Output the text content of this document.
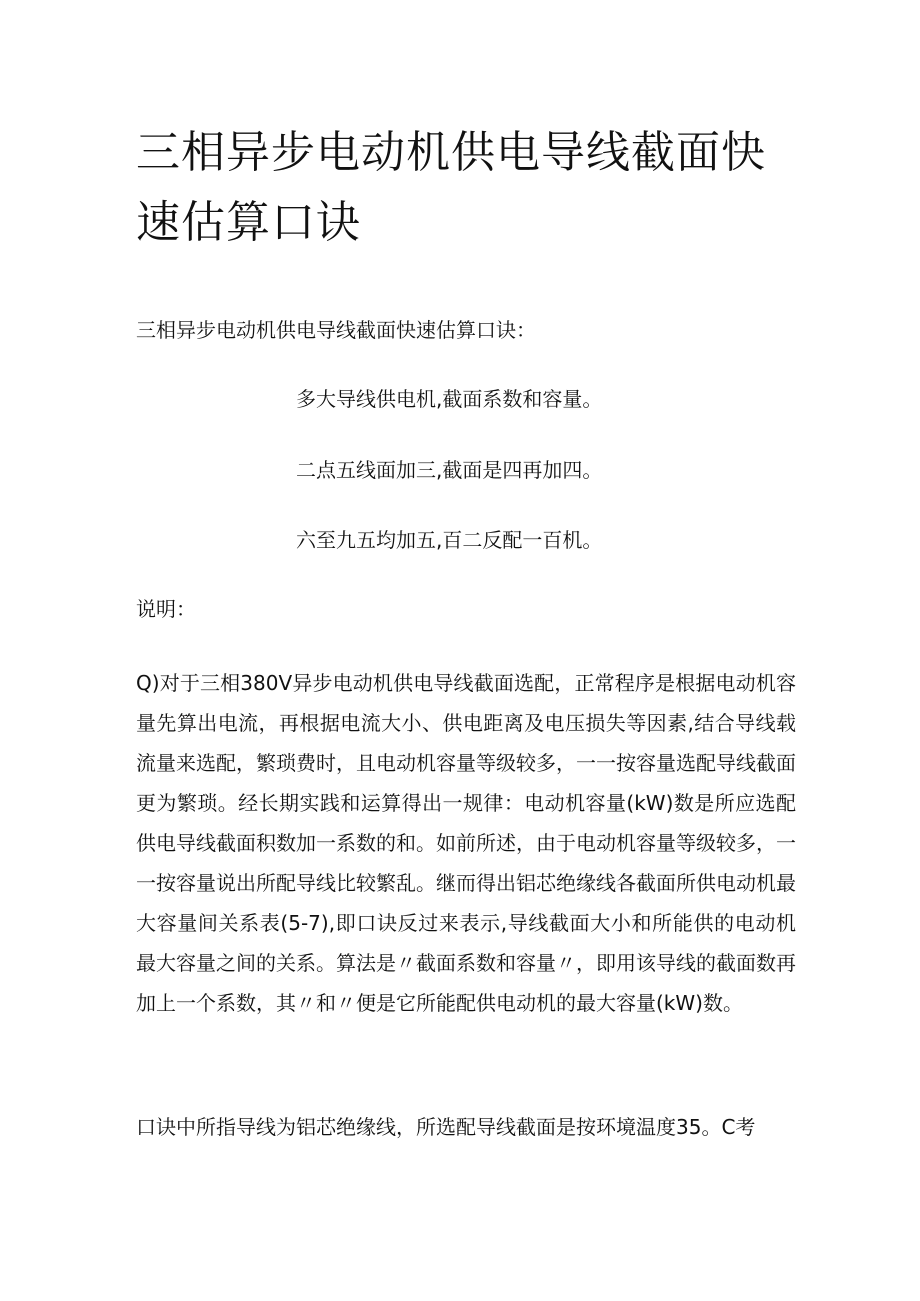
三相异步电动机供电导线截面快速估算口诀
三相异步电动机供电导线截面快速估算口诀：
多大导线供电机,截面系数和容量。
二点五线面加三,截面是四再加四。
六至九五均加五,百二反配一百机。
说明：

Q)对于三相380V异步电动机供电导线截面选配，正常程序是根据电动机容量先算出电流，再根据电流大小、供电距离及电压损失等因素,结合导线载流量来选配，繁琐费时，且电动机容量等级较多，一一按容量选配导线截面更为繁琐。经长期实践和运算得出一规律：电动机容量(kW)数是所应选配供电导线截面积数加一系数的和。如前所述，由于电动机容量等级较多，一一按容量说出所配导线比较繁乱。继而得出铝芯绝缘线各截面所供电动机最大容量间关系表(5-7),即口诀反过来表示,导线截面大小和所能供的电动机最大容量之间的关系。算法是〃截面系数和容量〃，即用该导线的截面数再加上一个系数，其〃和〃便是它所能配供电动机的最大容量(kW)数。

口诀中所指导线为铝芯绝缘线，所选配导线截面是按环境温度35。C考
